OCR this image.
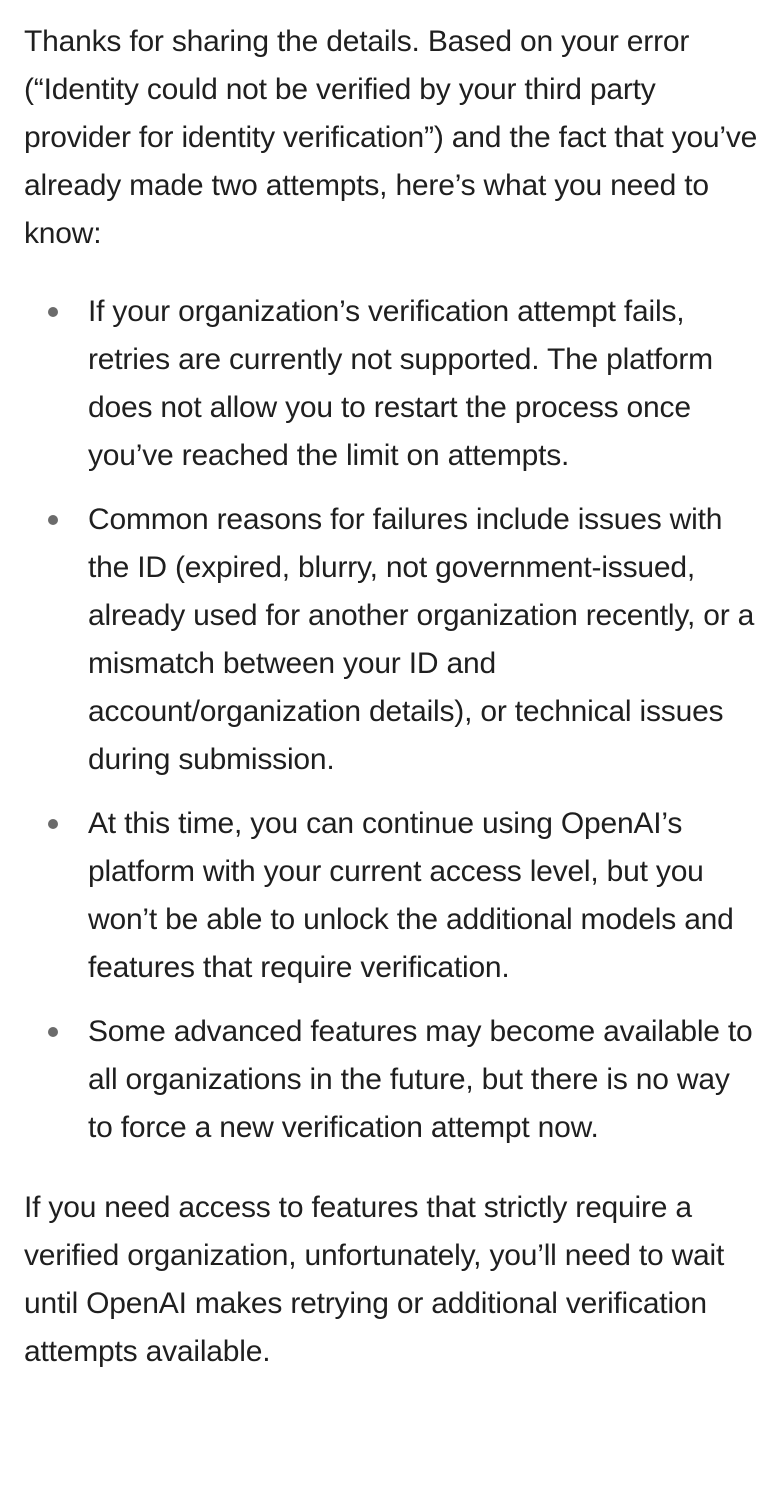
Thanks for sharing the details. Based on your error (“Identity could not be verified by your third party provider for identity verification”) and the fact that you’ve already made two attempts, here’s what you need to know:

If your organization’s verification attempt fails, retries are currently not supported. The platform does not allow you to restart the process once you’ve reached the limit on attempts.
Common reasons for failures include issues with the ID (expired, blurry, not government-issued, already used for another organization recently, or a mismatch between your ID and account/organization details), or technical issues during submission.
At this time, you can continue using OpenAI’s platform with your current access level, but you won’t be able to unlock the additional models and features that require verification.
Some advanced features may become available to all organizations in the future, but there is no way to force a new verification attempt now.

If you need access to features that strictly require a verified organization, unfortunately, you’ll need to wait until OpenAI makes retrying or additional verification attempts available.
